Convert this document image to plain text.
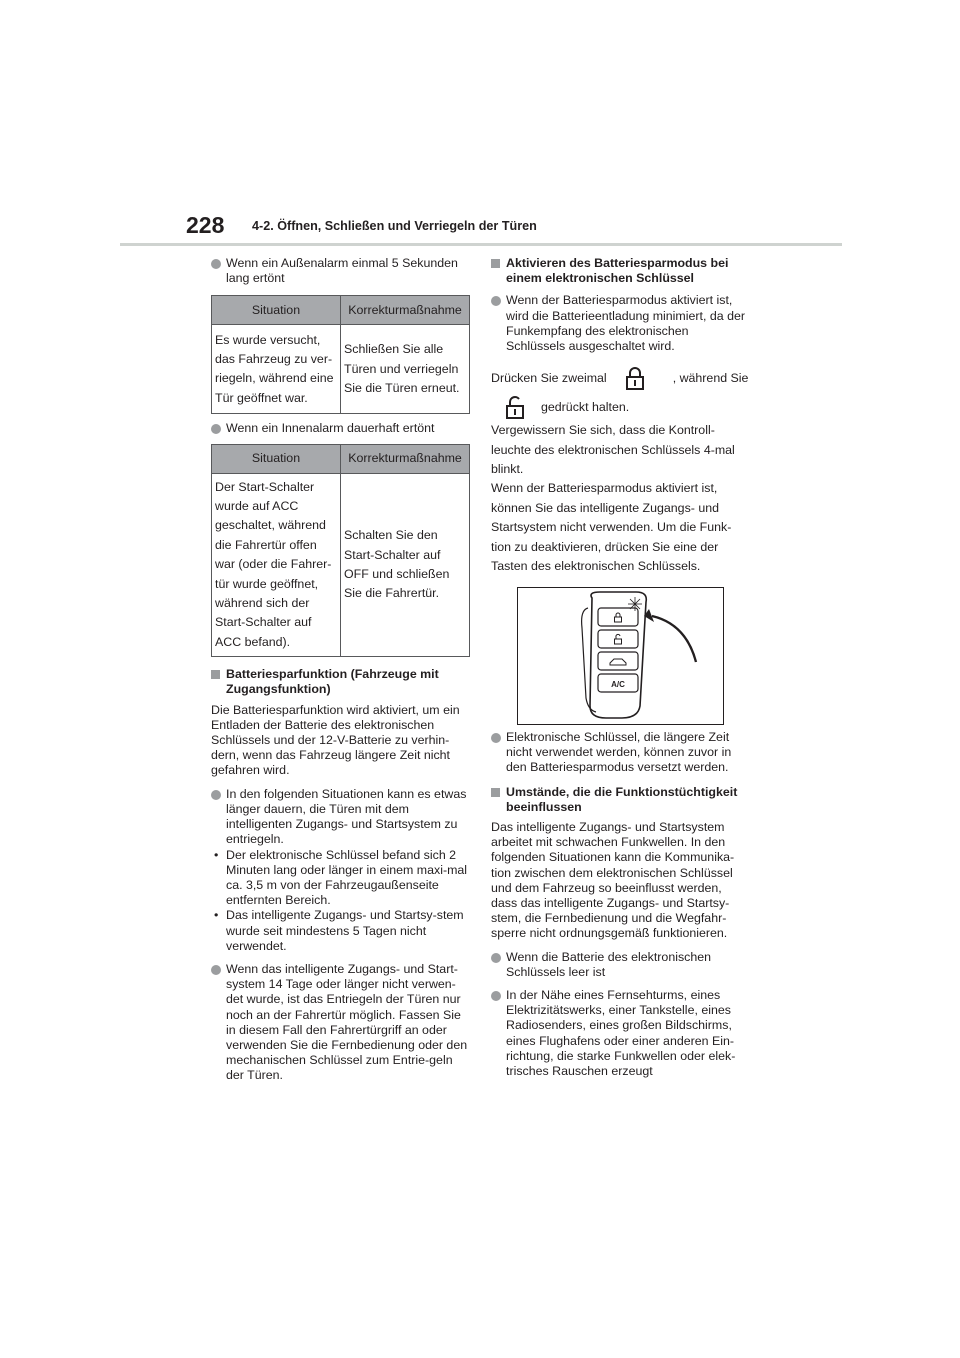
228 4-2. Öffnen, Schließen und Verriegeln der Türen

Wenn ein Außenalarm einmal 5 Sekunden lang ertönt

Situation	Korrekturmaßnahme
Es wurde versucht, das Fahrzeug zu ver-riegeln, während eine Tür geöffnet war.	Schließen Sie alle Türen und verriegeln Sie die Türen erneut.

Wenn ein Innenalarm dauerhaft ertönt

Situation	Korrekturmaßnahme
Der Start-Schalter wurde auf ACC geschaltet, während die Fahrertür offen war (oder die Fahrer-tür wurde geöffnet, während sich der Start-Schalter auf ACC befand).	Schalten Sie den Start-Schalter auf OFF und schließen Sie die Fahrertür.

Batteriesparfunktion (Fahrzeuge mit Zugangsfunktion)

Die Batteriesparfunktion wird aktiviert, um ein Entladen der Batterie des elektronischen Schlüssels und der 12-V-Batterie zu verhin-dern, wenn das Fahrzeug längere Zeit nicht gefahren wird.

In den folgenden Situationen kann es etwas länger dauern, die Türen mit dem intelligenten Zugangs- und Startsystem zu entriegeln.

• Der elektronische Schlüssel befand sich 2 Minuten lang oder länger in einem maxi-mal ca. 3,5 m von der Fahrzeugaußenseite entfernten Bereich.

• Das intelligente Zugangs- und Startsy-stem wurde seit mindestens 5 Tagen nicht verwendet.

Wenn das intelligente Zugangs- und Start-system 14 Tage oder länger nicht verwen-det wurde, ist das Entriegeln der Türen nur noch an der Fahrertür möglich. Fassen Sie in diesem Fall den Fahrertürgriff an oder verwenden Sie die Fernbedienung oder den mechanischen Schlüssel zum Entrie-geln der Türen.

Aktivieren des Batteriesparmodus bei einem elektronischen Schlüssel

Wenn der Batteriesparmodus aktiviert ist, wird die Batterieentladung minimiert, da der Funkempfang des elektronischen Schlüssels ausgeschaltet wird.

Drücken Sie zweimal	, während Sie
gedrückt halten.

Vergewissern Sie sich, dass die Kontroll-leuchte des elektronischen Schlüssels 4-mal blinkt.

Wenn der Batteriesparmodus aktiviert ist, können Sie das intelligente Zugangs- und Startsystem nicht verwenden. Um die Funk-tion zu deaktivieren, drücken Sie eine der Tasten des elektronischen Schlüssels.

A/C

Elektronische Schlüssel, die längere Zeit nicht verwendet werden, können zuvor in den Batteriesparmodus versetzt werden.

Umstände, die die Funktionstüchtigkeit beeinflussen

Das intelligente Zugangs- und Startsystem arbeitet mit schwachen Funkwellen. In den folgenden Situationen kann die Kommunika-tion zwischen dem elektronischen Schlüssel und dem Fahrzeug so beeinflusst werden, dass das intelligente Zugangs- und Startsy-stem, die Fernbedienung und die Wegfahr-sperre nicht ordnungsgemäß funktionieren.

Wenn die Batterie des elektronischen Schlüssels leer ist

In der Nähe eines Fernsehturms, eines Elektrizitätswerks, einer Tankstelle, eines Radiosenders, eines großen Bildschirms, eines Flughafens oder einer anderen Ein-richtung, die starke Funkwellen oder elek-trisches Rauschen erzeugt
